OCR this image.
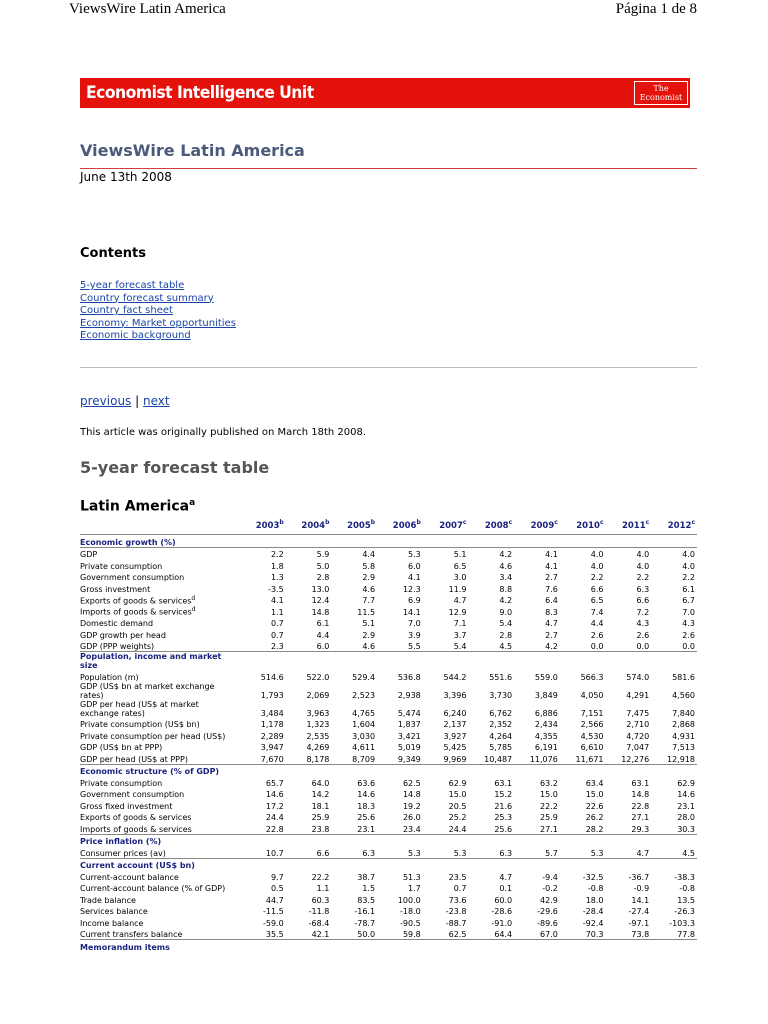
ViewsWire Latin America	Página 1 de 8
Economist Intelligence Unit	The
Economist
ViewsWire Latin America
June 13th 2008
Contents
5-year forecast table
Country forecast summary
Country fact sheet
Economy: Market opportunities
Economic background
previous | next
This article was originally published on March 18th 2008.
5-year forecast table
Latin America$^a$
	2003$^b$	2004$^b$	2005$^b$	2006$^b$	2007$^c$	2008$^c$	2009$^c$	2010$^c$	2011$^c$	2012$^c$
Economic growth (%)										
GDP	2.2	5.9	4.4	5.3	5.1	4.2	4.1	4.0	4.0	4.0
Private consumption	1.8	5.0	5.8	6.0	6.5	4.6	4.1	4.0	4.0	4.0
Government consumption	1.3	2.8	2.9	4.1	3.0	3.4	2.7	2.2	2.2	2.2
Gross investment	-3.5	13.0	4.6	12.3	11.9	8.8	7.6	6.6	6.3	6.1
Exports of goods & services$^d$	4.1	12.4	7.7	6.9	4.7	4.2	6.4	6.5	6.6	6.7
Imports of goods & services$^d$	1.1	14.8	11.5	14.1	12.9	9.0	8.3	7.4	7.2	7.0
Domestic demand	0.7	6.1	5.1	7.0	7.1	5.4	4.7	4.4	4.3	4.3
GDP growth per head	0.7	4.4	2.9	3.9	3.7	2.8	2.7	2.6	2.6	2.6
GDP (PPP weights)	2.3	6.0	4.6	5.5	5.4	4.5	4.2	0.0	0.0	0.0
Population, income and market size										
Population (m)	514.6	522.0	529.4	536.8	544.2	551.6	559.0	566.3	574.0	581.6
GDP (US$ bn at market exchange rates)	1,793	2,069	2,523	2,938	3,396	3,730	3,849	4,050	4,291	4,560
GDP per head (US$ at market exchange rates)	3,484	3,963	4,765	5,474	6,240	6,762	6,886	7,151	7,475	7,840
Private consumption (US$ bn)	1,178	1,323	1,604	1,837	2,137	2,352	2,434	2,566	2,710	2,868
Private consumption per head (US$)	2,289	2,535	3,030	3,421	3,927	4,264	4,355	4,530	4,720	4,931
GDP (US$ bn at PPP)	3,947	4,269	4,611	5,019	5,425	5,785	6,191	6,610	7,047	7,513
GDP per head (US$ at PPP)	7,670	8,178	8,709	9,349	9,969	10,487	11,076	11,671	12,276	12,918
Economic structure (% of GDP)										
Private consumption	65.7	64.0	63.6	62.5	62.9	63.1	63.2	63.4	63.1	62.9
Government consumption	14.6	14.2	14.6	14.8	15.0	15.2	15.0	15.0	14.8	14.6
Gross fixed investment	17.2	18.1	18.3	19.2	20.5	21.6	22.2	22.6	22.8	23.1
Exports of goods & services	24.4	25.9	25.6	26.0	25.2	25.3	25.9	26.2	27.1	28.0
Imports of goods & services	22.8	23.8	23.1	23.4	24.4	25.6	27.1	28.2	29.3	30.3
Price inflation (%)										
Consumer prices (av)	10.7	6.6	6.3	5.3	5.3	6.3	5.7	5.3	4.7	4.5
Current account (US$ bn)										
Current-account balance	9.7	22.2	38.7	51.3	23.5	4.7	-9.4	-32.5	-36.7	-38.3
Current-account balance (% of GDP)	0.5	1.1	1.5	1.7	0.7	0.1	-0.2	-0.8	-0.9	-0.8
Trade balance	44.7	60.3	83.5	100.0	73.6	60.0	42.9	18.0	14.1	13.5
Services balance	-11.5	-11.8	-16.1	-18.0	-23.8	-28.6	-29.6	-28.4	-27.4	-26.3
Income balance	-59.0	-68.4	-78.7	-90.5	-88.7	-91.0	-89.6	-92.4	-97.1	-103.3
Current transfers balance	35.5	42.1	50.0	59.8	62.5	64.4	67.0	70.3	73.8	77.8
Memorandum items										
